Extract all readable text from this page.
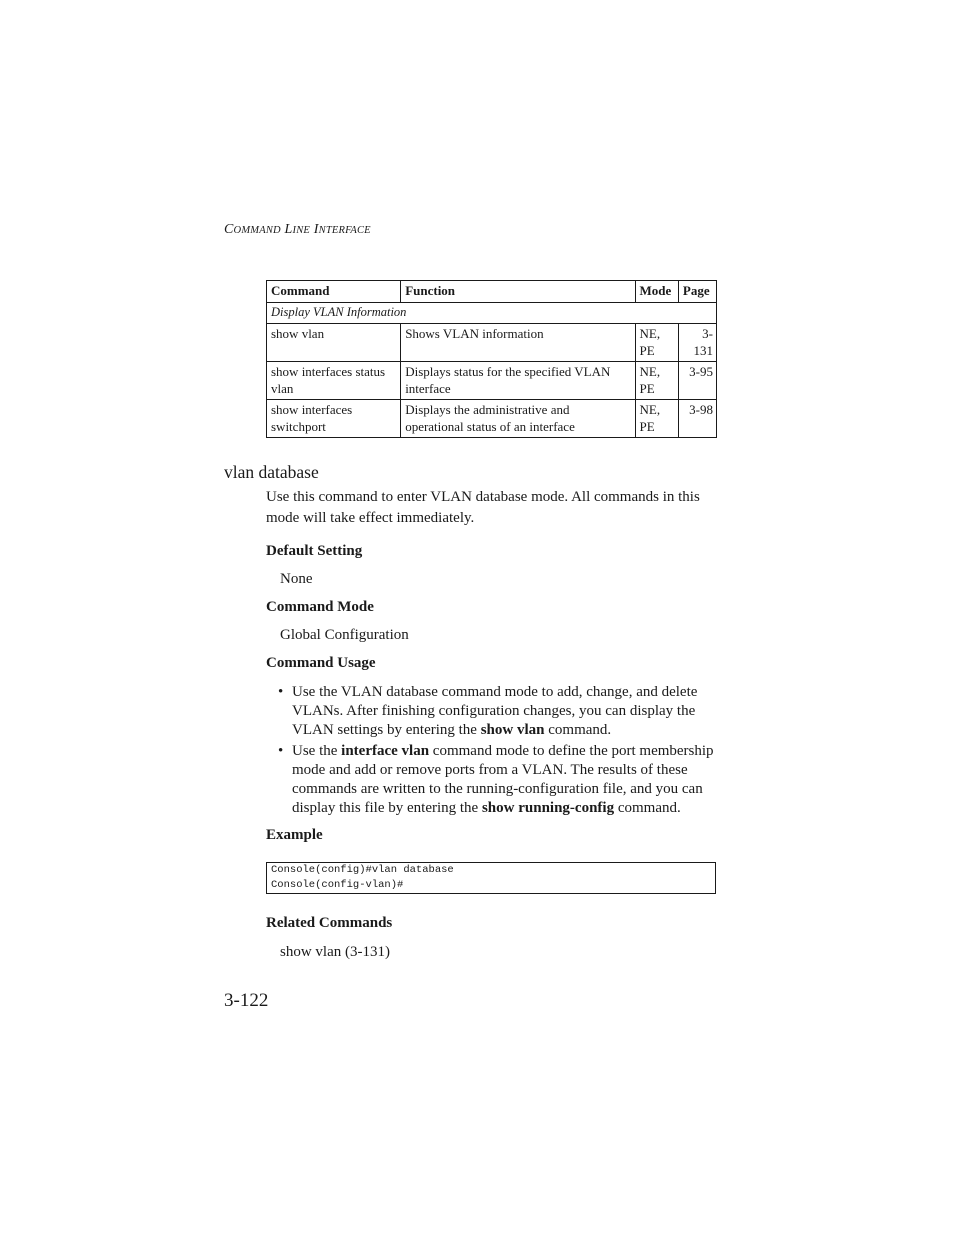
COMMAND LINE INTERFACE
Command	Function	Mode	Page
Display VLAN Information			
show vlan	Shows VLAN information	NE, PE	3-131
show interfaces status vlan	Displays status for the specified VLAN interface	NE, PE	3-95
show interfaces switchport	Displays the administrative and operational status of an interface	NE, PE	3-98
vlan database

Use this command to enter VLAN database mode. All commands in this mode will take effect immediately.

Default Setting

None

Command Mode

Global Configuration

Command Usage
• Use the VLAN database command mode to add, change, and delete VLANs. After finishing configuration changes, you can display the VLAN settings by entering the show vlan command.
• Use the interface vlan command mode to define the port membership mode and add or remove ports from a VLAN. The results of these commands are written to the running-configuration file, and you can display this file by entering the show running-config command.
Example
Console(config)#vlan database
Console(config-vlan)#
Related Commands

show vlan (3-131)

3-122
